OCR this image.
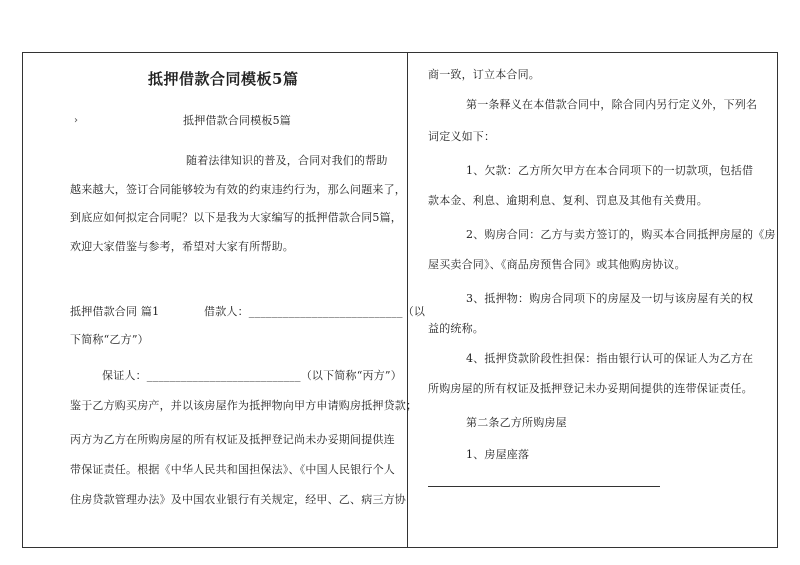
抵押借款合同模板5篇
›	抵押借款合同模板5篇
随着法律知识的普及，合同对我们的帮助
越来越大，签订合同能够较为有效的约束违约行为，那么问题来了，
到底应如何拟定合同呢？以下是我为大家编写的抵押借款合同5篇，
欢迎大家借鉴与参考，希望对大家有所帮助。
抵押借款合同 篇1	借款人：___________________________（以
下简称“乙方”）
保证人：___________________________（以下简称“丙方”）
鉴于乙方购买房产，并以该房屋作为抵押物向甲方申请购房抵押贷款；
丙方为乙方在所购房屋的所有权证及抵押登记尚未办妥期间提供连
带保证责任。根据《中华人民共和国担保法》、《中国人民银行个人
住房贷款管理办法》及中国农业银行有关规定，经甲、乙、病三方协
商一致，订立本合同。
第一条释义在本借款合同中，除合同内另行定义外，下列名
词定义如下：
1、欠款：乙方所欠甲方在本合同项下的一切款项，包括借
款本金、利息、逾期利息、复利、罚息及其他有关费用。
2、购房合同：乙方与卖方签订的，购买本合同抵押房屋的《房
屋买卖合同》、《商品房预售合同》或其他购房协议。
3、抵押物：购房合同项下的房屋及一切与该房屋有关的权
益的统称。
4、抵押贷款阶段性担保：指由银行认可的保证人为乙方在
所购房屋的所有权证及抵押登记未办妥期间提供的连带保证责任。
第二条乙方所购房屋
1、房屋座落
